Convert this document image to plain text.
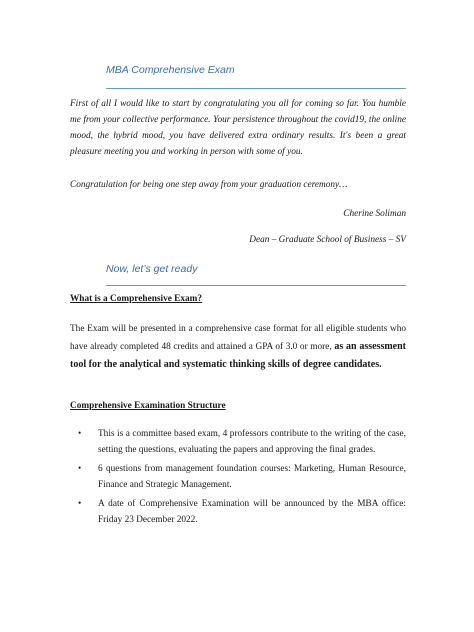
MBA Comprehensive Exam

First of all I would like to start by congratulating you all for coming so far. You humble me from your collective performance. Your persistence throughout the covid19, the online mood, the hybrid mood, you have delivered extra ordinary results. It's been a great pleasure meeting you and working in person with some of you.

Congratulation for being one step away from your graduation ceremony…

Cherine Soliman

Dean – Graduate School of Business – SV

Now, let’s get ready

What is a Comprehensive Exam?

The Exam will be presented in a comprehensive case format for all eligible students who have already completed 48 credits and attained a GPA of 3.0 or more, as an assessment tool for the analytical and systematic thinking skills of degree candidates.

Comprehensive Examination Structure

• This is a committee based exam, 4 professors contribute to the writing of the case, setting the questions, evaluating the papers and approving the final grades.
• 6 questions from management foundation courses: Marketing, Human Resource, Finance and Strategic Management.
• A date of Comprehensive Examination will be announced by the MBA office: Friday 23 December 2022.
